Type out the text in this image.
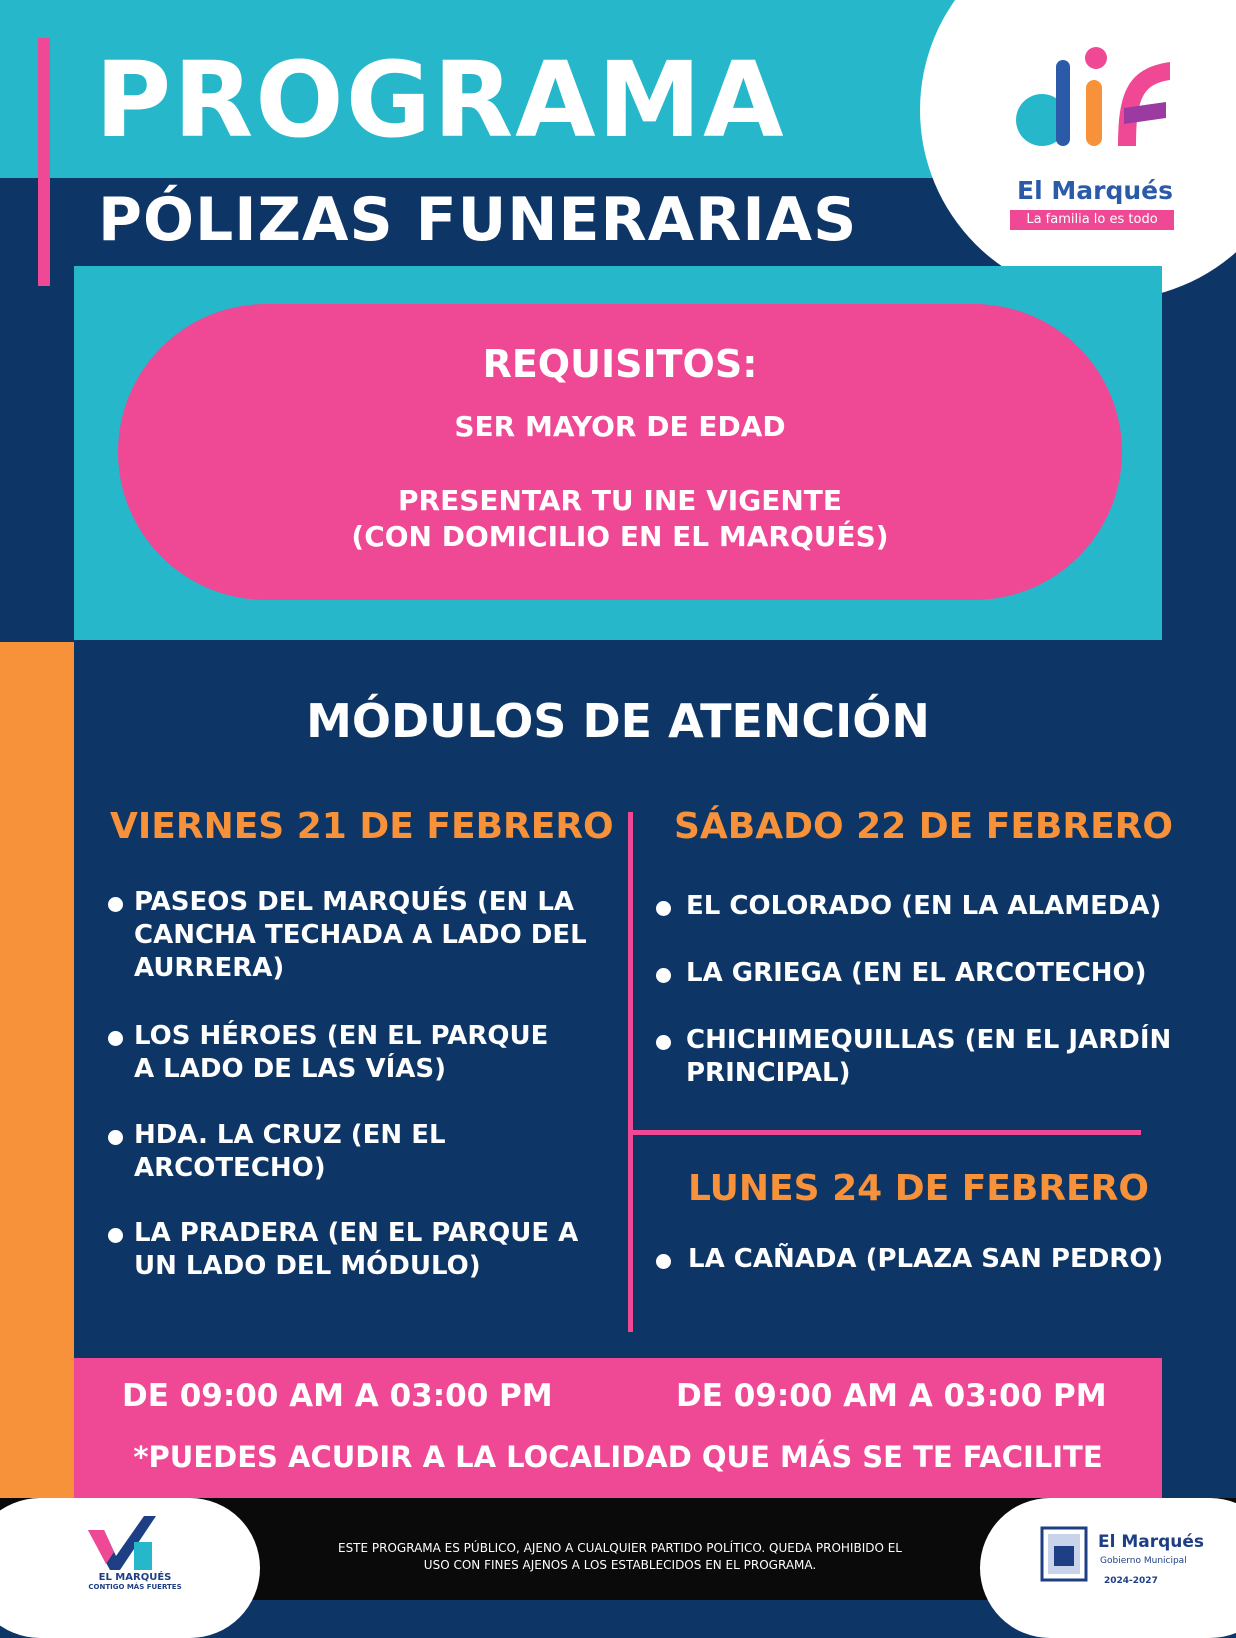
PROGRAMA
PÓLIZAS FUNERARIAS	El Marqués
La familia lo es todo
REQUISITOS:
SER MAYOR DE EDAD
PRESENTAR TU INE VIGENTE
(CON DOMICILIO EN EL MARQUÉS)
MÓDULOS DE ATENCIÓN
VIERNES 21 DE FEBRERO
PASEOS DEL MARQUÉS (EN LA
CANCHA TECHADA A LADO DEL
AURRERA)
LOS HÉROES (EN EL PARQUE
A LADO DE LAS VÍAS)
HDA. LA CRUZ (EN EL
ARCOTECHO)
LA PRADERA (EN EL PARQUE A
UN LADO DEL MÓDULO)
SÁBADO 22 DE FEBRERO
EL COLORADO (EN LA ALAMEDA)
LA GRIEGA (EN EL ARCOTECHO)
CHICHIMEQUILLAS (EN EL JARDÍN
PRINCIPAL)
LUNES 24 DE FEBRERO
LA CAÑADA (PLAZA SAN PEDRO)
DE 09:00 AM A 03:00 PM	DE 09:00 AM A 03:00 PM
*PUEDES ACUDIR A LA LOCALIDAD QUE MÁS SE TE FACILITE
EL MARQUÉS
CONTIGO MÁS FUERTES
ESTE PROGRAMA ES PÚBLICO, AJENO A CUALQUIER PARTIDO POLÍTICO. QUEDA PROHIBIDO EL
USO CON FINES AJENOS A LOS ESTABLECIDOS EN EL PROGRAMA.
El Marqués
Gobierno Municipal
2024-2027
